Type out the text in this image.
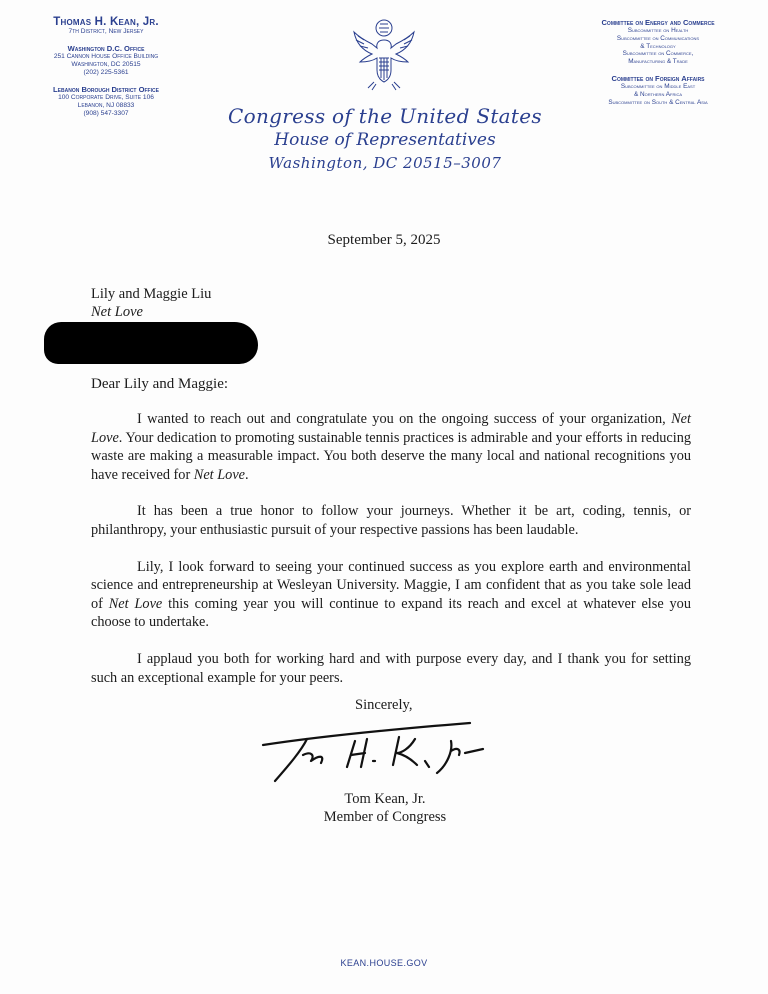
Thomas H. Kean, Jr.
7th District, New Jersey
Washington D.C. Office
251 Cannon House Office Building
Washington, DC 20515
(202) 225-5361
Lebanon Borough District Office
100 Corporate Drive, Suite 106
Lebanon, NJ 08833
(908) 547-3307
Committee on Energy and Commerce
Subcommittee on Health
Subcommittee on Communications
& Technology
Subcommittee on Commerce,
Manufacturing & Trade
Committee on Foreign Affairs
Subcommittee on Middle East
& Northern Africa
Subcommittee on South & Central Asia
Congress of the United States
House of Representatives
Washington, DC 20515–3007
September 5, 2025
Lily and Maggie Liu
Net Love
Dear Lily and Maggie:

I wanted to reach out and congratulate you on the ongoing success of your organization, Net Love. Your dedication to promoting sustainable tennis practices is admirable and your efforts in reducing waste are making a measurable impact. You both deserve the many local and national recognitions you have received for Net Love.

It has been a true honor to follow your journeys. Whether it be art, coding, tennis, or philanthropy, your enthusiastic pursuit of your respective passions has been laudable.

Lily, I look forward to seeing your continued success as you explore earth and environmental science and entrepreneurship at Wesleyan University. Maggie, I am confident that as you take sole lead of Net Love this coming year you will continue to expand its reach and excel at whatever else you choose to undertake.

I applaud you both for working hard and with purpose every day, and I thank you for setting such an exceptional example for your peers.

Sincerely,
Tom Kean, Jr.
Member of Congress
KEAN.HOUSE.GOV
